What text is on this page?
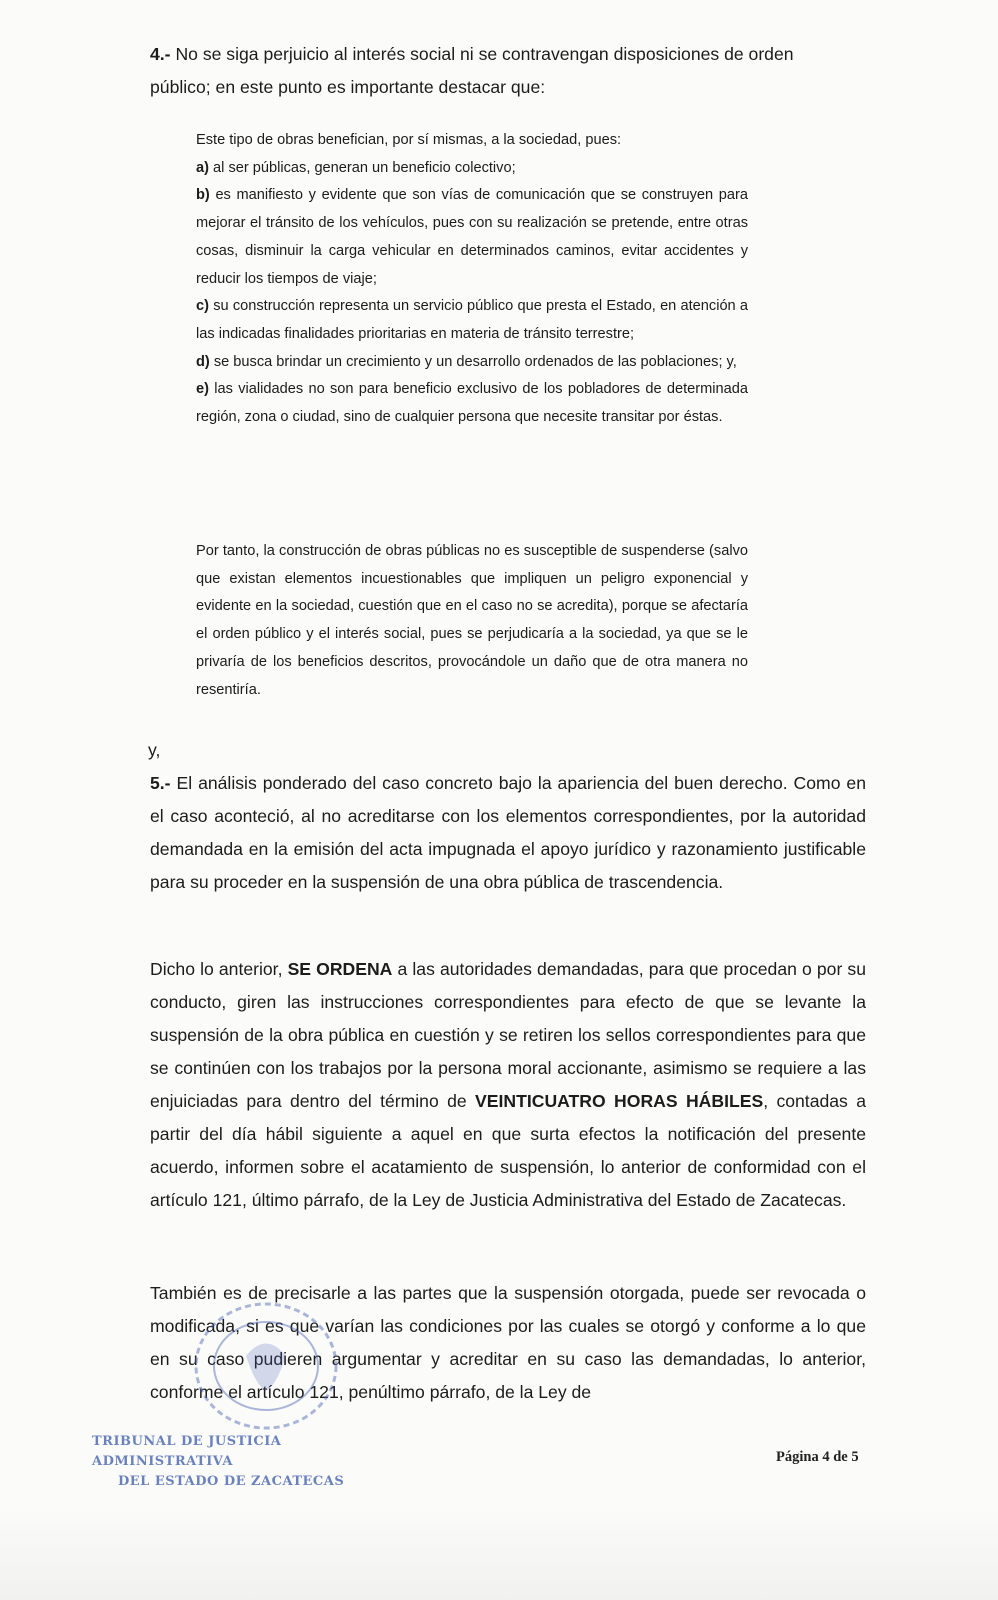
4.- No se siga perjuicio al interés social ni se contravengan disposiciones de orden
público; en este punto es importante destacar que:

Este tipo de obras benefician, por sí mismas, a la sociedad, pues:

a) al ser públicas, generan un beneficio colectivo;

b) es manifiesto y evidente que son vías de comunicación que se construyen para mejorar el tránsito de los vehículos, pues con su realización se pretende, entre otras cosas, disminuir la carga vehicular en determinados caminos, evitar accidentes y reducir los tiempos de viaje;

c) su construcción representa un servicio público que presta el Estado, en atención a las indicadas finalidades prioritarias en materia de tránsito terrestre;

d) se busca brindar un crecimiento y un desarrollo ordenados de las poblaciones; y,

e) las vialidades no son para beneficio exclusivo de los pobladores de determinada región, zona o ciudad, sino de cualquier persona que necesite transitar por éstas.

Por tanto, la construcción de obras públicas no es susceptible de suspenderse (salvo que existan elementos incuestionables que impliquen un peligro exponencial y evidente en la sociedad, cuestión que en el caso no se acredita), porque se afectaría el orden público y el interés social, pues se perjudicaría a la sociedad, ya que se le privaría de los beneficios descritos, provocándole un daño que de otra manera no resentiría.
y,
5.- El análisis ponderado del caso concreto bajo la apariencia del buen derecho. Como en el caso aconteció, al no acreditarse con los elementos correspondientes, por la autoridad demandada en la emisión del acta impugnada el apoyo jurídico y razonamiento justificable para su proceder en la suspensión de una obra pública de trascendencia.
Dicho lo anterior, SE ORDENA a las autoridades demandadas, para que procedan o por su conducto, giren las instrucciones correspondientes para efecto de que se levante la suspensión de la obra pública en cuestión y se retiren los sellos correspondientes para que se continúen con los trabajos por la persona moral accionante, asimismo se requiere a las enjuiciadas para dentro del término de VEINTICUATRO HORAS HÁBILES, contadas a partir del día hábil siguiente a aquel en que surta efectos la notificación del presente acuerdo, informen sobre el acatamiento de suspensión, lo anterior de conformidad con el artículo 121, último párrafo, de la Ley de Justicia Administrativa del Estado de Zacatecas.
También es de precisarle a las partes que la suspensión otorgada, puede ser revocada o modificada, si es que varían las condiciones por las cuales se otorgó y conforme a lo que en su caso pudieren argumentar y acreditar en su caso las demandadas, lo anterior, conforme el artículo 121, penúltimo párrafo, de la Ley de
TRIBUNAL DE JUSTICIA ADMINISTRATIVA
DEL ESTADO DE ZACATECAS
Página 4 de 5
